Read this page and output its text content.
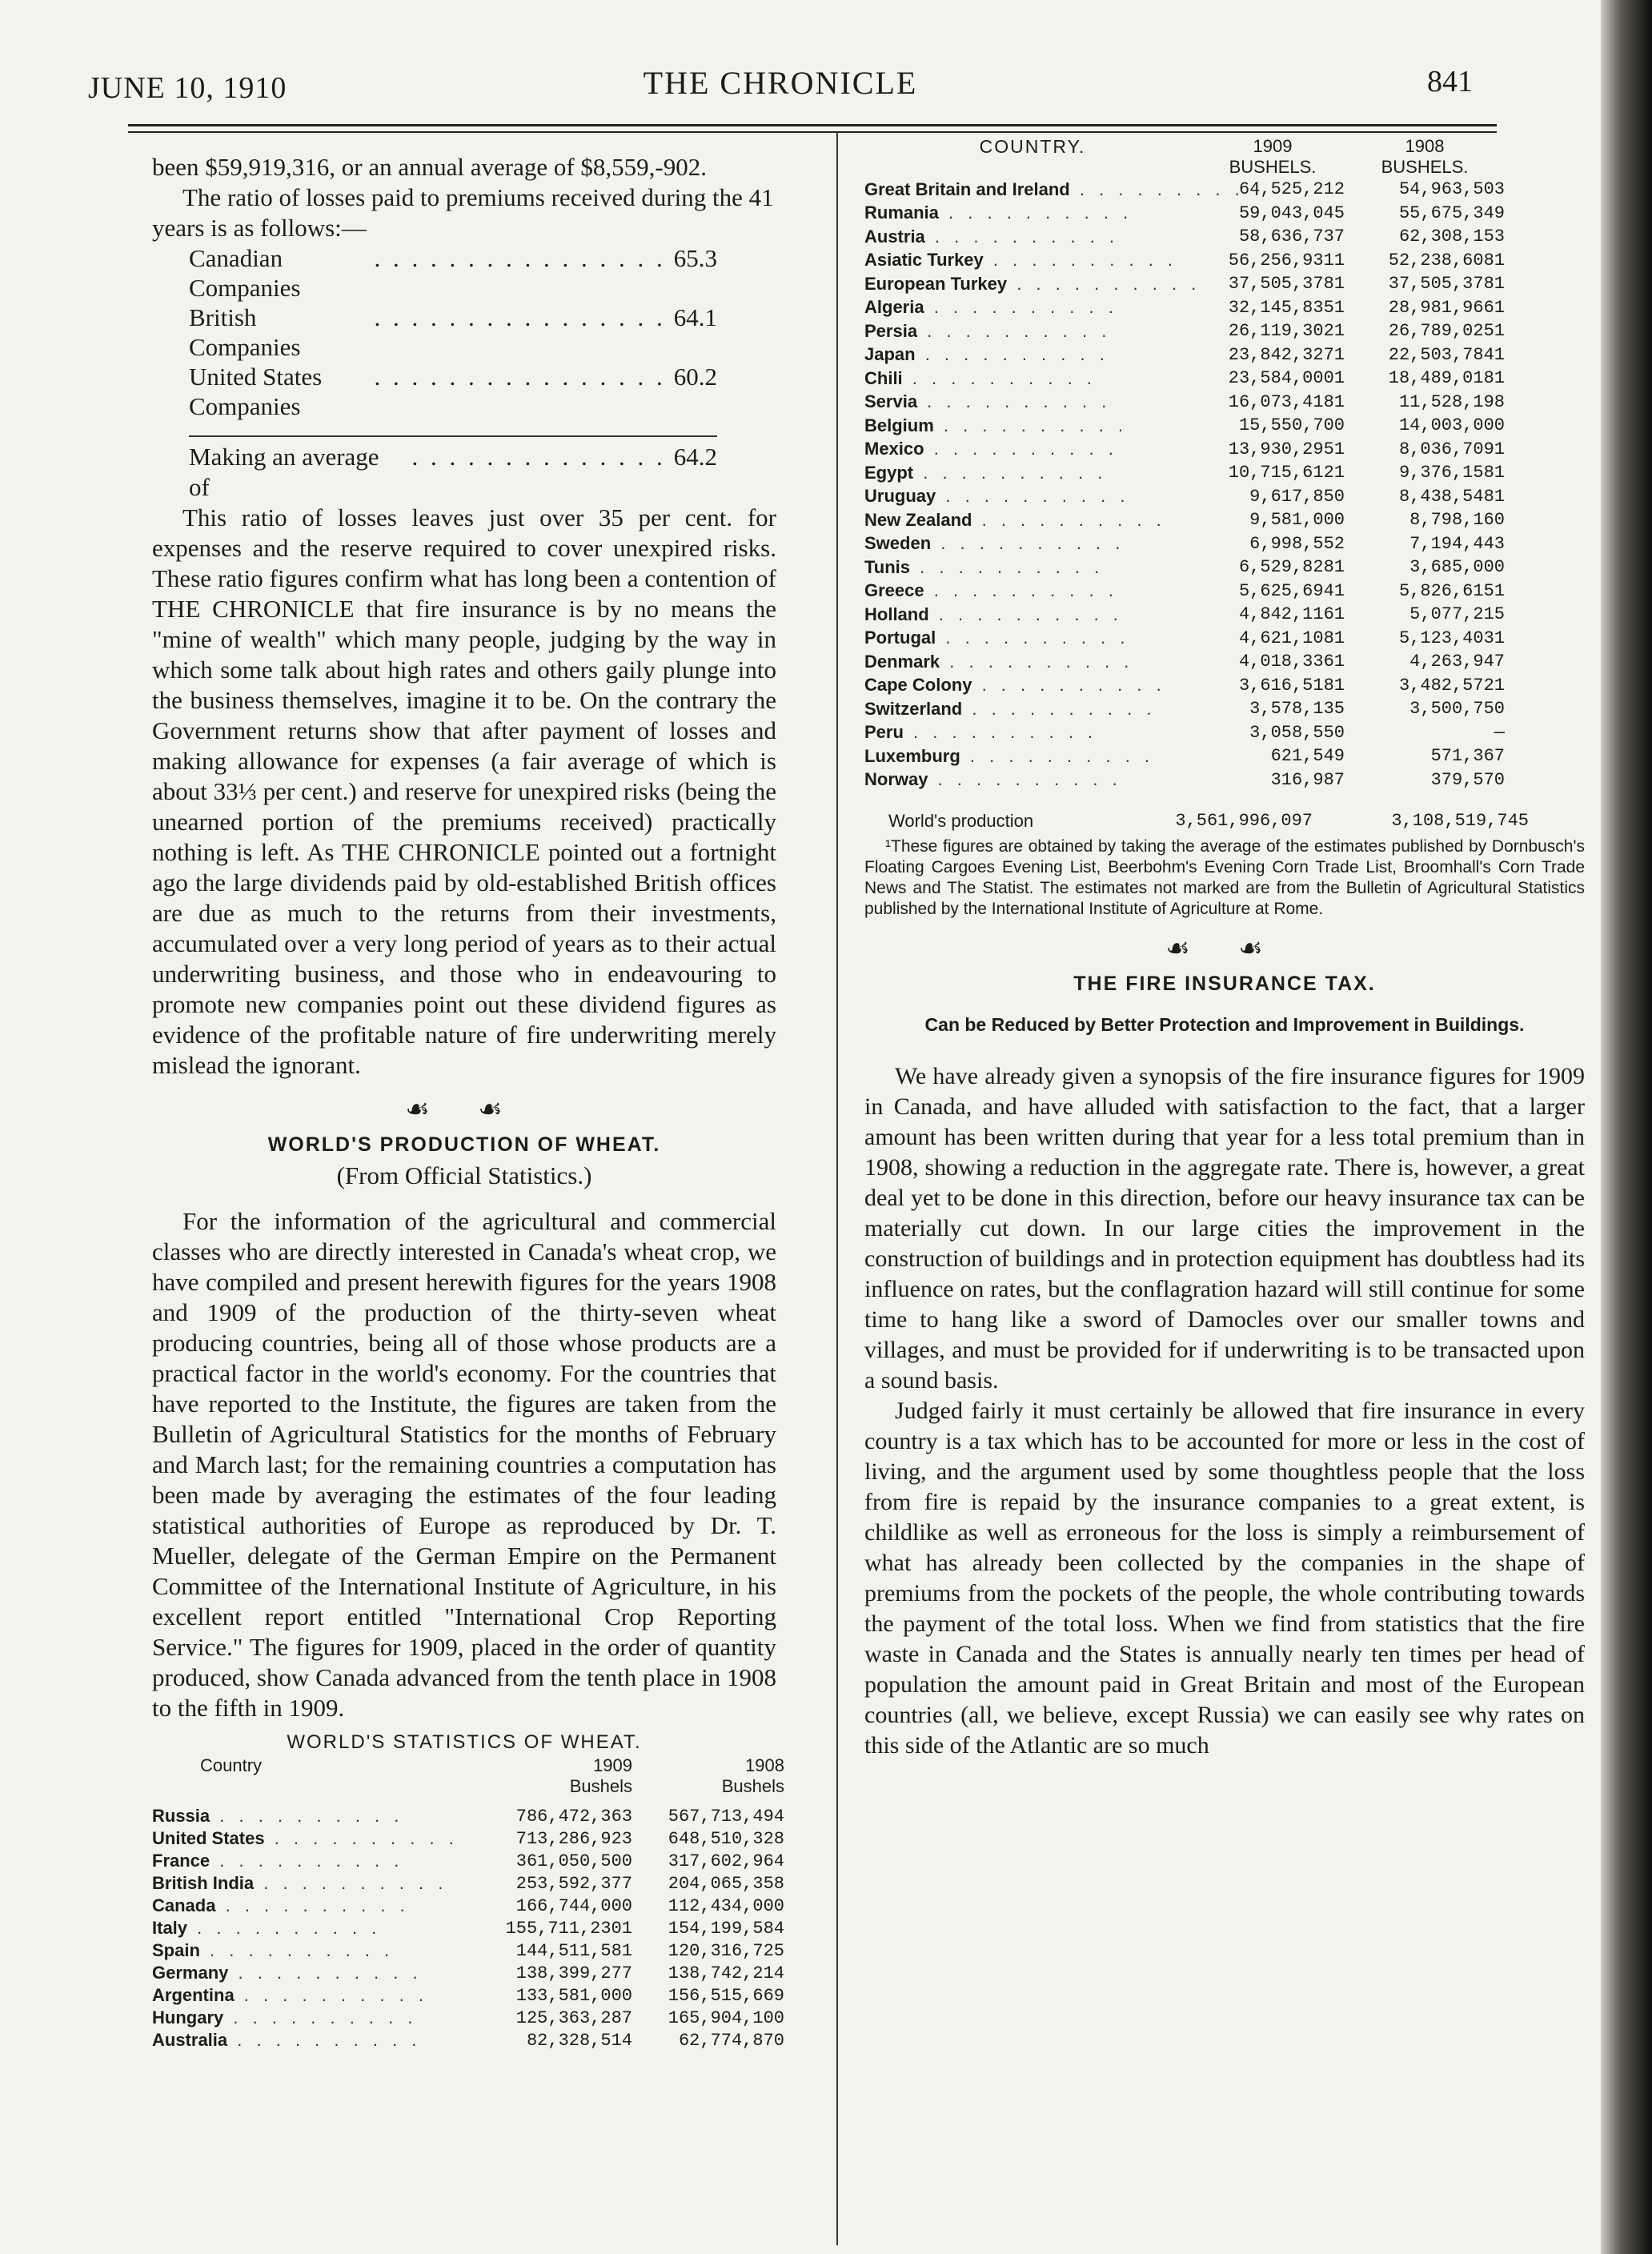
JUNE 10, 1910	THE CHRONICLE	841

been $59,919,316, or an annual average of $8,559,-902.

The ratio of losses paid to premiums received during the 41 years is as follows:—

Canadian Companies
. . . . . . . . . . . . . . . . 65.3
British Companies
. . . . . . . . . . . . . . . . 64.1
United States Companies
. . . . . . . . . . . . . . . . 60.2
Making an average of
. . . . . . . . . . . . . . 64.2

This ratio of losses leaves just over 35 per cent. for expenses and the reserve required to cover unexpired risks. These ratio figures confirm what has long been a contention of THE CHRONICLE that fire insurance is by no means the "mine of wealth" which many people, judging by the way in which some talk about high rates and others gaily plunge into the business themselves, imagine it to be. On the contrary the Government returns show that after payment of losses and making allowance for expenses (a fair average of which is about 33⅓ per cent.) and reserve for unexpired risks (being the unearned portion of the premiums received) practically nothing is left. As THE CHRONICLE pointed out a fortnight ago the large dividends paid by old-established British offices are due as much to the returns from their investments, accumulated over a very long period of years as to their actual underwriting business, and those who in endeavouring to promote new companies point out these dividend figures as evidence of the profitable nature of fire underwriting merely mislead the ignorant.

☙ ☙
WORLD'S PRODUCTION OF WHEAT.
(From Official Statistics.)

For the information of the agricultural and commercial classes who are directly interested in Canada's wheat crop, we have compiled and present herewith figures for the years 1908 and 1909 of the production of the thirty-seven wheat producing countries, being all of those whose products are a practical factor in the world's economy. For the countries that have reported to the Institute, the figures are taken from the Bulletin of Agricultural Statistics for the months of February and March last; for the remaining countries a computation has been made by averaging the estimates of the four leading statistical authorities of Europe as reproduced by Dr. T. Mueller, delegate of the German Empire on the Permanent Committee of the International Institute of Agriculture, in his excellent report entitled "International Crop Reporting Service." The figures for 1909, placed in the order of quantity produced, show Canada advanced from the tenth place in 1908 to the fifth in 1909.

WORLD'S STATISTICS OF WHEAT.
Country	1909	1908
	Bushels	Bushels
Russia . . . . . . . . . .	786,472,363	567,713,494
United States . . . . . . . . . .	713,286,923	648,510,328
France . . . . . . . . . .	361,050,500	317,602,964
British India . . . . . . . . . .	253,592,377	204,065,358
Canada . . . . . . . . . .	166,744,000	112,434,000
Italy . . . . . . . . . .	155,711,2301	154,199,584
Spain . . . . . . . . . .	144,511,581	120,316,725
Germany . . . . . . . . . .	138,399,277	138,742,214
Argentina . . . . . . . . . .	133,581,000	156,515,669
Hungary . . . . . . . . . .	125,363,287	165,904,100
Australia . . . . . . . . . .	82,328,514	62,774,870
COUNTRY.	1909	1908
	BUSHELS.	BUSHELS.
Great Britain and Ireland . . . . . . . . . .	64,525,212	54,963,503
Rumania . . . . . . . . . .	59,043,045	55,675,349
Austria . . . . . . . . . .	58,636,737	62,308,153
Asiatic Turkey . . . . . . . . . .	56,256,9311	52,238,6081
European Turkey . . . . . . . . . .	37,505,3781	37,505,3781
Algeria . . . . . . . . . .	32,145,8351	28,981,9661
Persia . . . . . . . . . .	26,119,3021	26,789,0251
Japan . . . . . . . . . .	23,842,3271	22,503,7841
Chili . . . . . . . . . .	23,584,0001	18,489,0181
Servia . . . . . . . . . .	16,073,4181	11,528,198
Belgium . . . . . . . . . .	15,550,700	14,003,000
Mexico . . . . . . . . . .	13,930,2951	8,036,7091
Egypt . . . . . . . . . .	10,715,6121	9,376,1581
Uruguay . . . . . . . . . .	9,617,850	8,438,5481
New Zealand . . . . . . . . . .	9,581,000	8,798,160
Sweden . . . . . . . . . .	6,998,552	7,194,443
Tunis . . . . . . . . . .	6,529,8281	3,685,000
Greece . . . . . . . . . .	5,625,6941	5,826,6151
Holland . . . . . . . . . .	4,842,1161	5,077,215
Portugal . . . . . . . . . .	4,621,1081	5,123,4031
Denmark . . . . . . . . . .	4,018,3361	4,263,947
Cape Colony . . . . . . . . . .	3,616,5181	3,482,5721
Switzerland . . . . . . . . . .	3,578,135	3,500,750
Peru . . . . . . . . . .	3,058,550	—
Luxemburg . . . . . . . . . .	621,549	571,367
Norway . . . . . . . . . .	316,987	379,570
World's production	3,561,996,097	3,108,519,745

¹These figures are obtained by taking the average of the estimates published by Dornbusch's Floating Cargoes Evening List, Beerbohm's Evening Corn Trade List, Broomhall's Corn Trade News and The Statist. The estimates not marked are from the Bulletin of Agricultural Statistics published by the International Institute of Agriculture at Rome.

☙ ☙
THE FIRE INSURANCE TAX.
Can be Reduced by Better Protection and Improvement in Buildings.

We have already given a synopsis of the fire insurance figures for 1909 in Canada, and have alluded with satisfaction to the fact, that a larger amount has been written during that year for a less total premium than in 1908, showing a reduction in the aggregate rate. There is, however, a great deal yet to be done in this direction, before our heavy insurance tax can be materially cut down. In our large cities the improvement in the construction of buildings and in protection equipment has doubtless had its influence on rates, but the conflagration hazard will still continue for some time to hang like a sword of Damocles over our smaller towns and villages, and must be provided for if underwriting is to be transacted upon a sound basis.

Judged fairly it must certainly be allowed that fire insurance in every country is a tax which has to be accounted for more or less in the cost of living, and the argument used by some thoughtless people that the loss from fire is repaid by the insurance companies to a great extent, is childlike as well as erroneous for the loss is simply a reimbursement of what has already been collected by the companies in the shape of premiums from the pockets of the people, the whole contributing towards the payment of the total loss. When we find from statistics that the fire waste in Canada and the States is annually nearly ten times per head of population the amount paid in Great Britain and most of the European countries (all, we believe, except Russia) we can easily see why rates on this side of the Atlantic are so much
